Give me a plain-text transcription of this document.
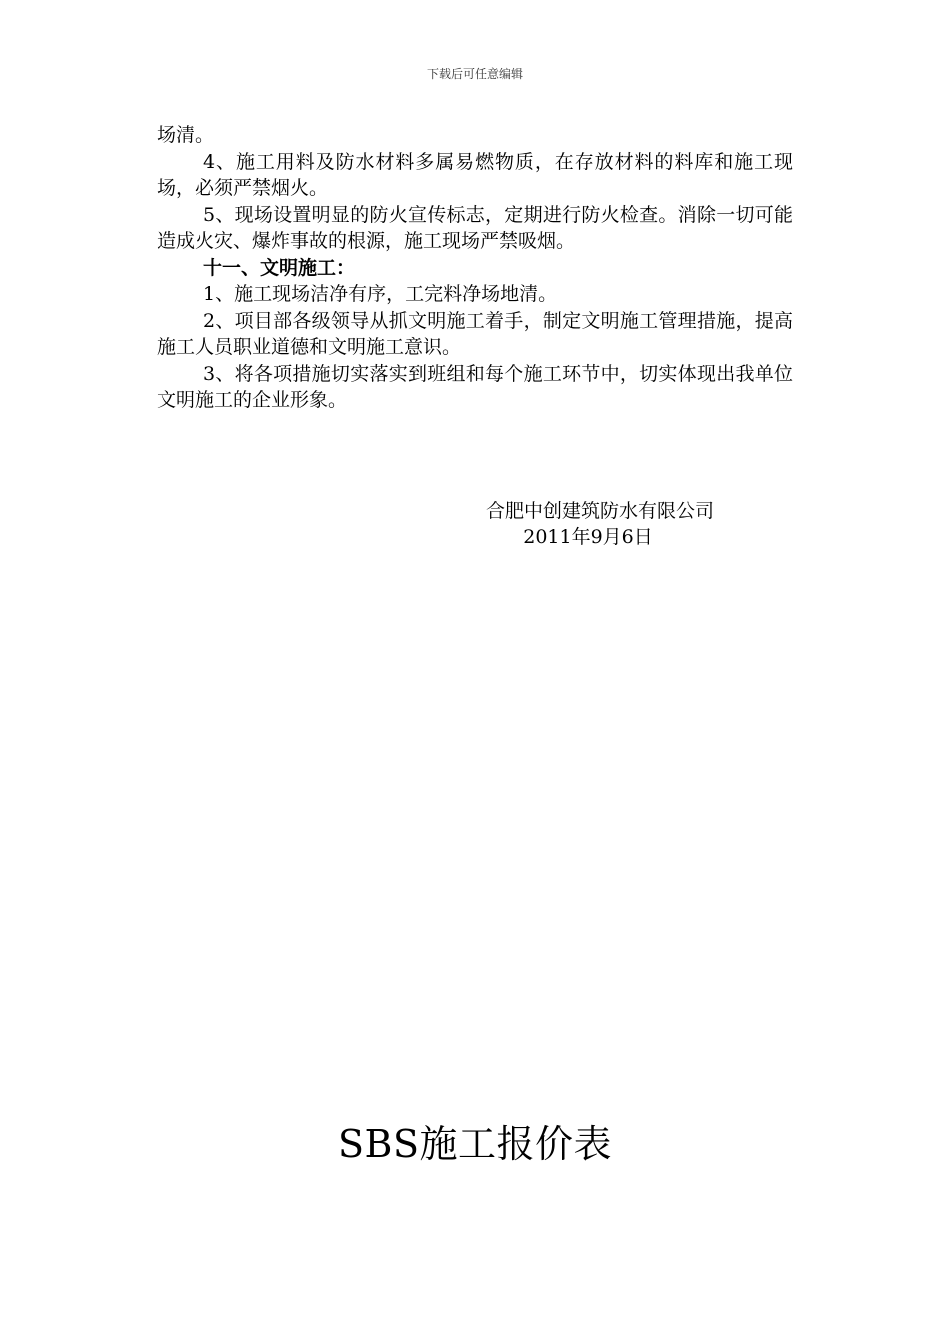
下载后可任意编辑

场清。

4、施工用料及防水材料多属易燃物质，在存放材料的料库和施工现场，必须严禁烟火。

5、现场设置明显的防火宣传标志，定期进行防火检查。消除一切可能造成火灾、爆炸事故的根源，施工现场严禁吸烟。

十一、文明施工：

1、施工现场洁净有序，工完料净场地清。

2、项目部各级领导从抓文明施工着手，制定文明施工管理措施，提高施工人员职业道德和文明施工意识。

3、将各项措施切实落实到班组和每个施工环节中，切实体现出我单位文明施工的企业形象。

合肥中创建筑防水有限公司
2011年9月6日
SBS施工报价表
